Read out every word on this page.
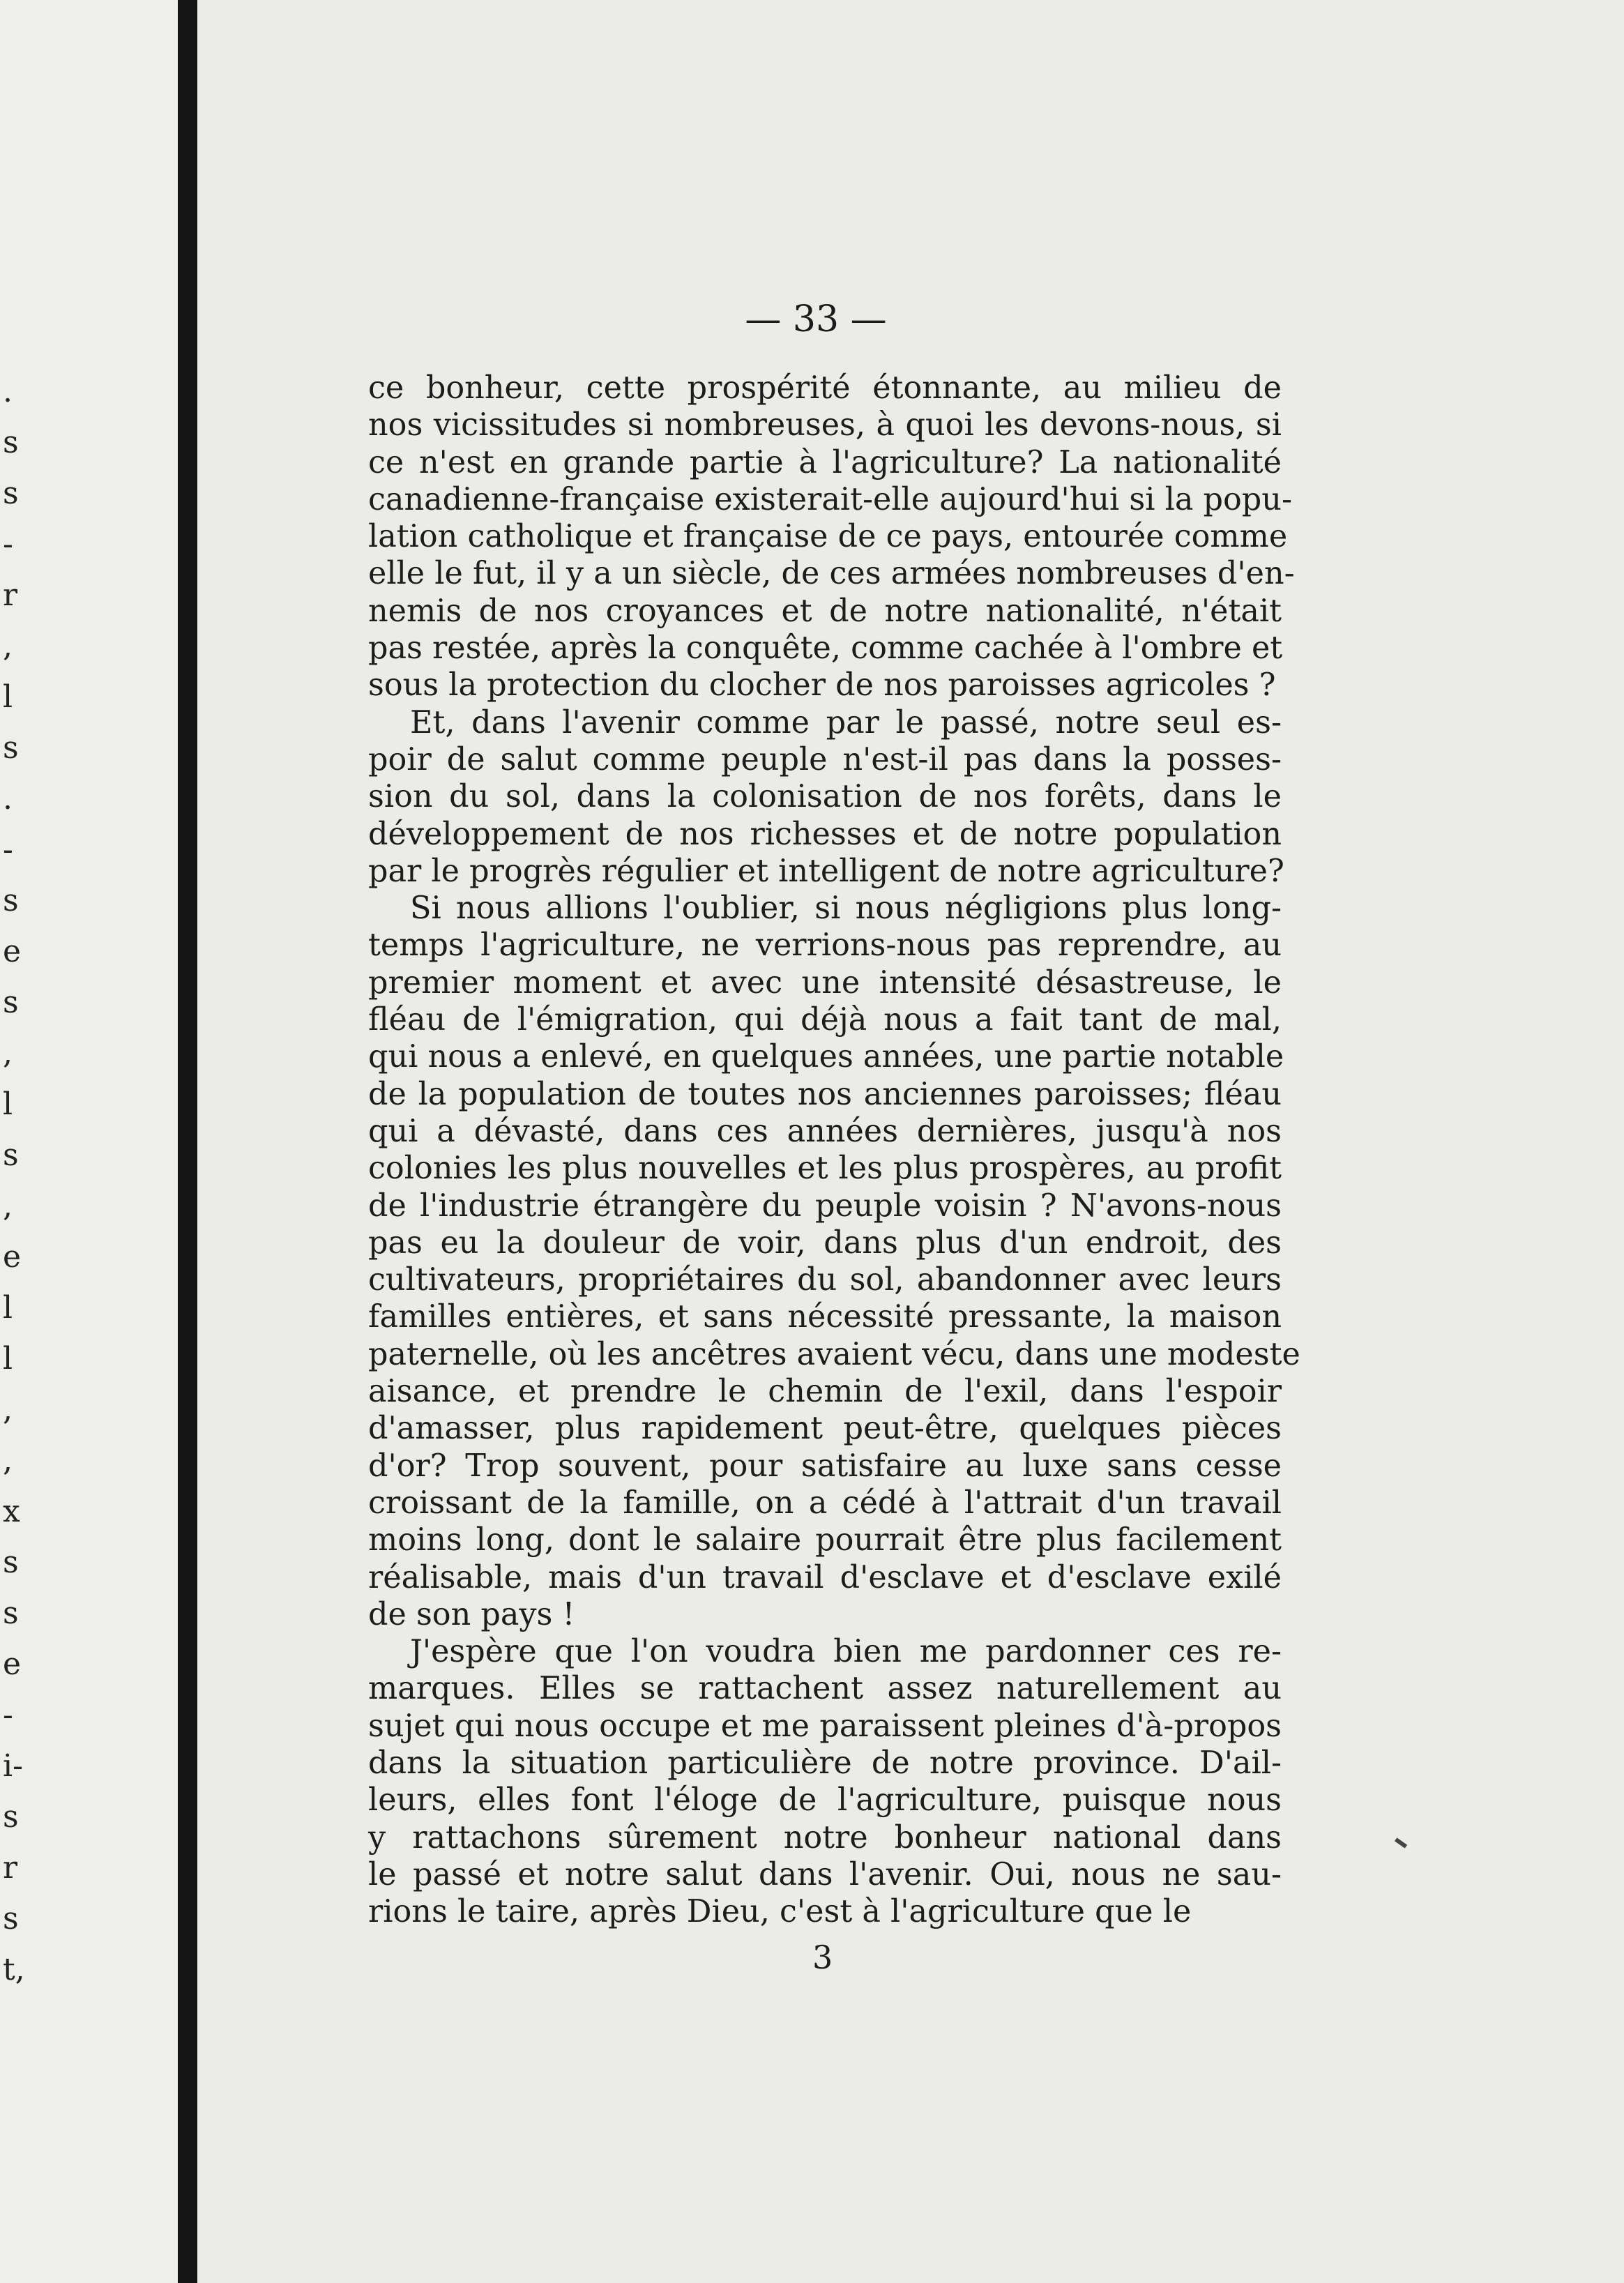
.
s
s
-
r
,
l
s
.
-
s
e
s
,
l
s
,
e
l
l
,
,
x
s
s
e
-
i-
s
r
s
t,
— 33 —

ce bonheur, cette prospérité étonnante, au milieu de
nos vicissitudes si nombreuses, à quoi les devons-nous, si
ce n'est en grande partie à l'agriculture? La nationalité
canadienne-française existerait-elle aujourd'hui si la popu-
lation catholique et française de ce pays, entourée comme
elle le fut, il y a un siècle, de ces armées nombreuses d'en-
nemis de nos croyances et de notre nationalité, n'était
pas restée, après la conquête, comme cachée à l'ombre et
sous la protection du clocher de nos paroisses agricoles ?

Et, dans l'avenir comme par le passé, notre seul es-
poir de salut comme peuple n'est-il pas dans la posses-
sion du sol, dans la colonisation de nos forêts, dans le
développement de nos richesses et de notre population
par le progrès régulier et intelligent de notre agriculture?

Si nous allions l'oublier, si nous négligions plus long-
temps l'agriculture, ne verrions-nous pas reprendre, au
premier moment et avec une intensité désastreuse, le
fléau de l'émigration, qui déjà nous a fait tant de mal,
qui nous a enlevé, en quelques années, une partie notable
de la population de toutes nos anciennes paroisses; fléau
qui a dévasté, dans ces années dernières, jusqu'à nos
colonies les plus nouvelles et les plus prospères, au profit
de l'industrie étrangère du peuple voisin ? N'avons-nous
pas eu la douleur de voir, dans plus d'un endroit, des
cultivateurs, propriétaires du sol, abandonner avec leurs
familles entières, et sans nécessité pressante, la maison
paternelle, où les ancêtres avaient vécu, dans une modeste
aisance, et prendre le chemin de l'exil, dans l'espoir
d'amasser, plus rapidement peut-être, quelques pièces
d'or? Trop souvent, pour satisfaire au luxe sans cesse
croissant de la famille, on a cédé à l'attrait d'un travail
moins long, dont le salaire pourrait être plus facilement
réalisable, mais d'un travail d'esclave et d'esclave exilé
de son pays !

J'espère que l'on voudra bien me pardonner ces re-
marques. Elles se rattachent assez naturellement au
sujet qui nous occupe et me paraissent pleines d'à-propos
dans la situation particulière de notre province. D'ail-
leurs, elles font l'éloge de l'agriculture, puisque nous
y rattachons sûrement notre bonheur national dans
le passé et notre salut dans l'avenir. Oui, nous ne sau-
rions le taire, après Dieu, c'est à l'agriculture que le

3
